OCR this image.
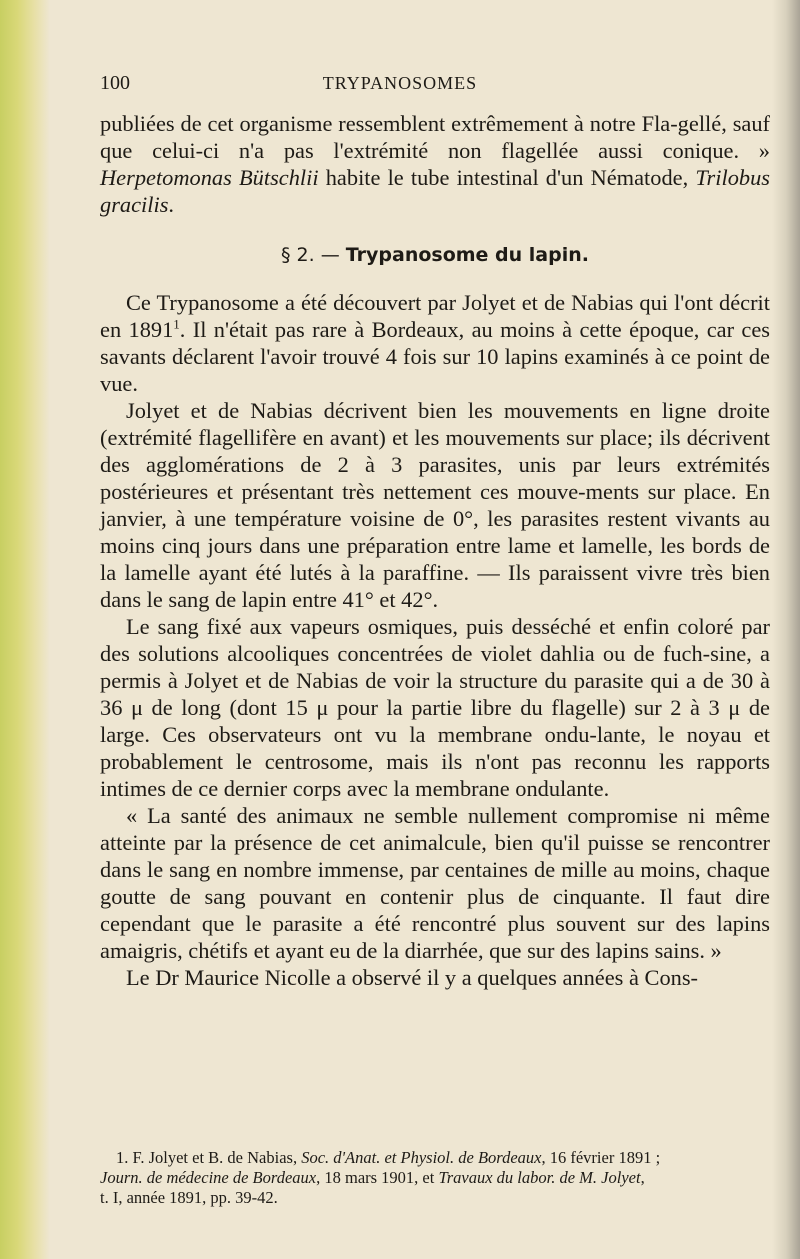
100	TRYPANOSOMES

publiées de cet organisme ressemblent extrêmement à notre Fla-gellé, sauf que celui-ci n'a pas l'extrémité non flagellée aussi conique. » Herpetomonas Bütschlii habite le tube intestinal d'un Nématode, Trilobus gracilis.

§ 2. — Trypanosome du lapin.

Ce Trypanosome a été découvert par Jolyet et de Nabias qui l'ont décrit en 1891$^1$. Il n'était pas rare à Bordeaux, au moins à cette époque, car ces savants déclarent l'avoir trouvé 4 fois sur 10 lapins examinés à ce point de vue.

Jolyet et de Nabias décrivent bien les mouvements en ligne droite (extrémité flagellifère en avant) et les mouvements sur place; ils décrivent des agglomérations de 2 à 3 parasites, unis par leurs extrémités postérieures et présentant très nettement ces mouve-ments sur place. En janvier, à une température voisine de 0°, les parasites restent vivants au moins cinq jours dans une préparation entre lame et lamelle, les bords de la lamelle ayant été lutés à la paraffine. — Ils paraissent vivre très bien dans le sang de lapin entre 41° et 42°.

Le sang fixé aux vapeurs osmiques, puis desséché et enfin coloré par des solutions alcooliques concentrées de violet dahlia ou de fuch-sine, a permis à Jolyet et de Nabias de voir la structure du parasite qui a de 30 à 36 μ de long (dont 15 μ pour la partie libre du flagelle) sur 2 à 3 μ de large. Ces observateurs ont vu la membrane ondu-lante, le noyau et probablement le centrosome, mais ils n'ont pas reconnu les rapports intimes de ce dernier corps avec la membrane ondulante.

« La santé des animaux ne semble nullement compromise ni même atteinte par la présence de cet animalcule, bien qu'il puisse se rencontrer dans le sang en nombre immense, par centaines de mille au moins, chaque goutte de sang pouvant en contenir plus de cinquante. Il faut dire cependant que le parasite a été rencontré plus souvent sur des lapins amaigris, chétifs et ayant eu de la diarrhée, que sur des lapins sains. »

Le Dr Maurice Nicolle a observé il y a quelques années à Cons-

1. F. Jolyet et B. de Nabias, Soc. d'Anat. et Physiol. de Bordeaux, 16 février 1891 ;
Journ. de médecine de Bordeaux, 18 mars 1901, et Travaux du labor. de M. Jolyet,
t. I, année 1891, pp. 39-42.
